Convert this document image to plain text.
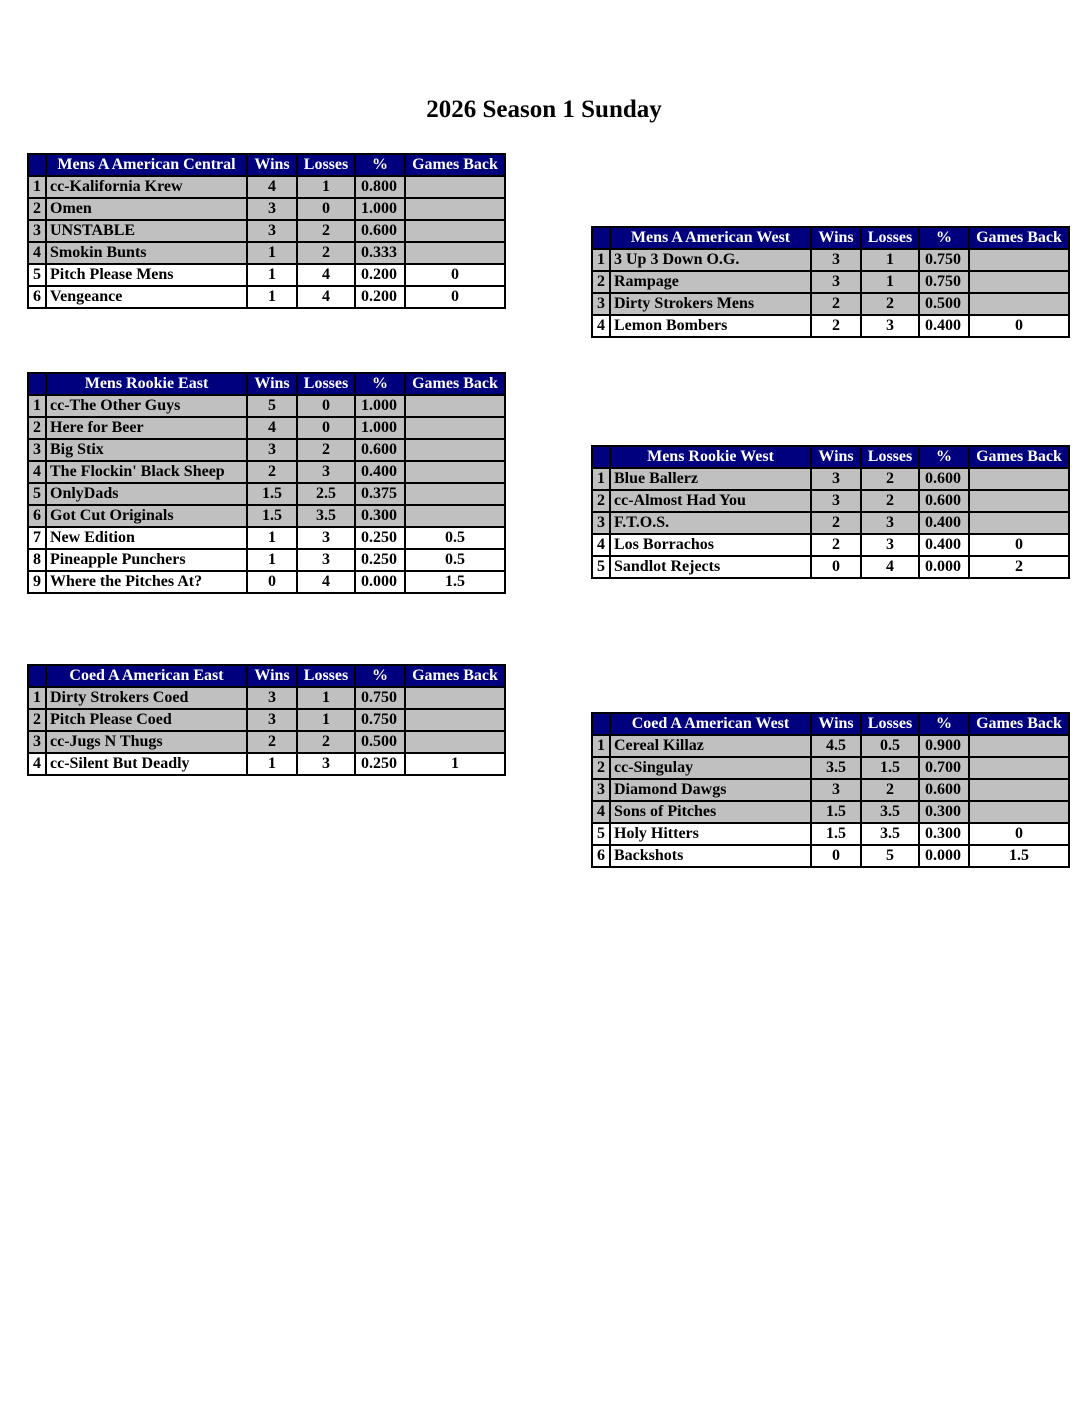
2026 Season 1 Sunday
	Mens A American Central	Wins	Losses	%	Games Back
1	cc-Kalifornia Krew	4	1	0.800	
2	Omen	3	0	1.000	
3	UNSTABLE	3	2	0.600	
4	Smokin Bunts	1	2	0.333	
5	Pitch Please Mens	1	4	0.200	0
6	Vengeance	1	4	0.200	0
	Mens A American West	Wins	Losses	%	Games Back
1	3 Up 3 Down O.G.	3	1	0.750	
2	Rampage	3	1	0.750	
3	Dirty Strokers Mens	2	2	0.500	
4	Lemon Bombers	2	3	0.400	0
	Mens Rookie East	Wins	Losses	%	Games Back
1	cc-The Other Guys	5	0	1.000	
2	Here for Beer	4	0	1.000	
3	Big Stix	3	2	0.600	
4	The Flockin' Black Sheep	2	3	0.400	
5	OnlyDads	1.5	2.5	0.375	
6	Got Cut Originals	1.5	3.5	0.300	
7	New Edition	1	3	0.250	0.5
8	Pineapple Punchers	1	3	0.250	0.5
9	Where the Pitches At?	0	4	0.000	1.5
	Mens Rookie West	Wins	Losses	%	Games Back
1	Blue Ballerz	3	2	0.600	
2	cc-Almost Had You	3	2	0.600	
3	F.T.O.S.	2	3	0.400	
4	Los Borrachos	2	3	0.400	0
5	Sandlot Rejects	0	4	0.000	2
	Coed A American East	Wins	Losses	%	Games Back
1	Dirty Strokers Coed	3	1	0.750	
2	Pitch Please Coed	3	1	0.750	
3	cc-Jugs N Thugs	2	2	0.500	
4	cc-Silent But Deadly	1	3	0.250	1
	Coed A American West	Wins	Losses	%	Games Back
1	Cereal Killaz	4.5	0.5	0.900	
2	cc-Singulay	3.5	1.5	0.700	
3	Diamond Dawgs	3	2	0.600	
4	Sons of Pitches	1.5	3.5	0.300	
5	Holy Hitters	1.5	3.5	0.300	0
6	Backshots	0	5	0.000	1.5
